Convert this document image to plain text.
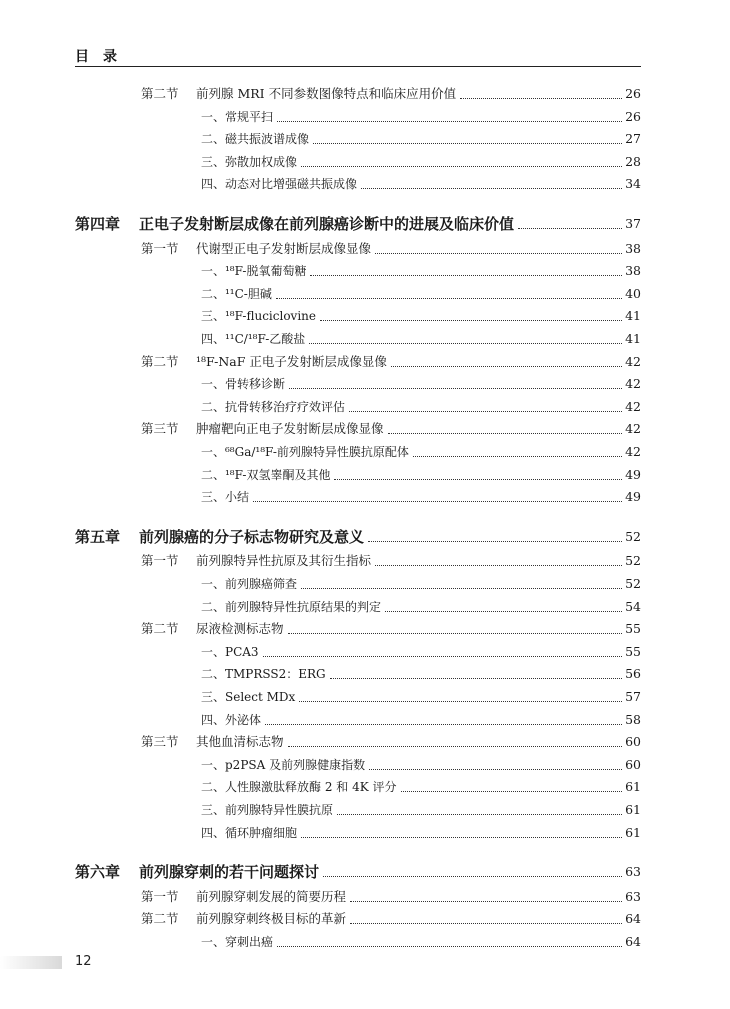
目录
第二节	前列腺 MRI 不同参数图像特点和临床应用价值	26
一、常规平扫	26
二、磁共振波谱成像	27
三、弥散加权成像	28
四、动态对比增强磁共振成像	34
第四章	正电子发射断层成像在前列腺癌诊断中的进展及临床价值	37
第一节	代谢型正电子发射断层成像显像	38
一、¹⁸F-脱氧葡萄糖	38
二、¹¹C-胆碱	40
三、¹⁸F-fluciclovine	41
四、¹¹C/¹⁸F-乙酸盐	41
第二节	¹⁸F-NaF 正电子发射断层成像显像	42
一、骨转移诊断	42
二、抗骨转移治疗疗效评估	42
第三节	肿瘤靶向正电子发射断层成像显像	42
一、⁶⁸Ga/¹⁸F-前列腺特异性膜抗原配体	42
二、¹⁸F-双氢睾酮及其他	49
三、小结	49
第五章	前列腺癌的分子标志物研究及意义	52
第一节	前列腺特异性抗原及其衍生指标	52
一、前列腺癌筛查	52
二、前列腺特异性抗原结果的判定	54
第二节	尿液检测标志物	55
一、PCA3	55
二、TMPRSS2：ERG	56
三、Select MDx	57
四、外泌体	58
第三节	其他血清标志物	60
一、p2PSA 及前列腺健康指数	60
二、人性腺激肽释放酶 2 和 4K 评分	61
三、前列腺特异性膜抗原	61
四、循环肿瘤细胞	61
第六章	前列腺穿刺的若干问题探讨	63
第一节	前列腺穿刺发展的简要历程	63
第二节	前列腺穿刺终极目标的革新	64
一、穿刺出癌	64
12
